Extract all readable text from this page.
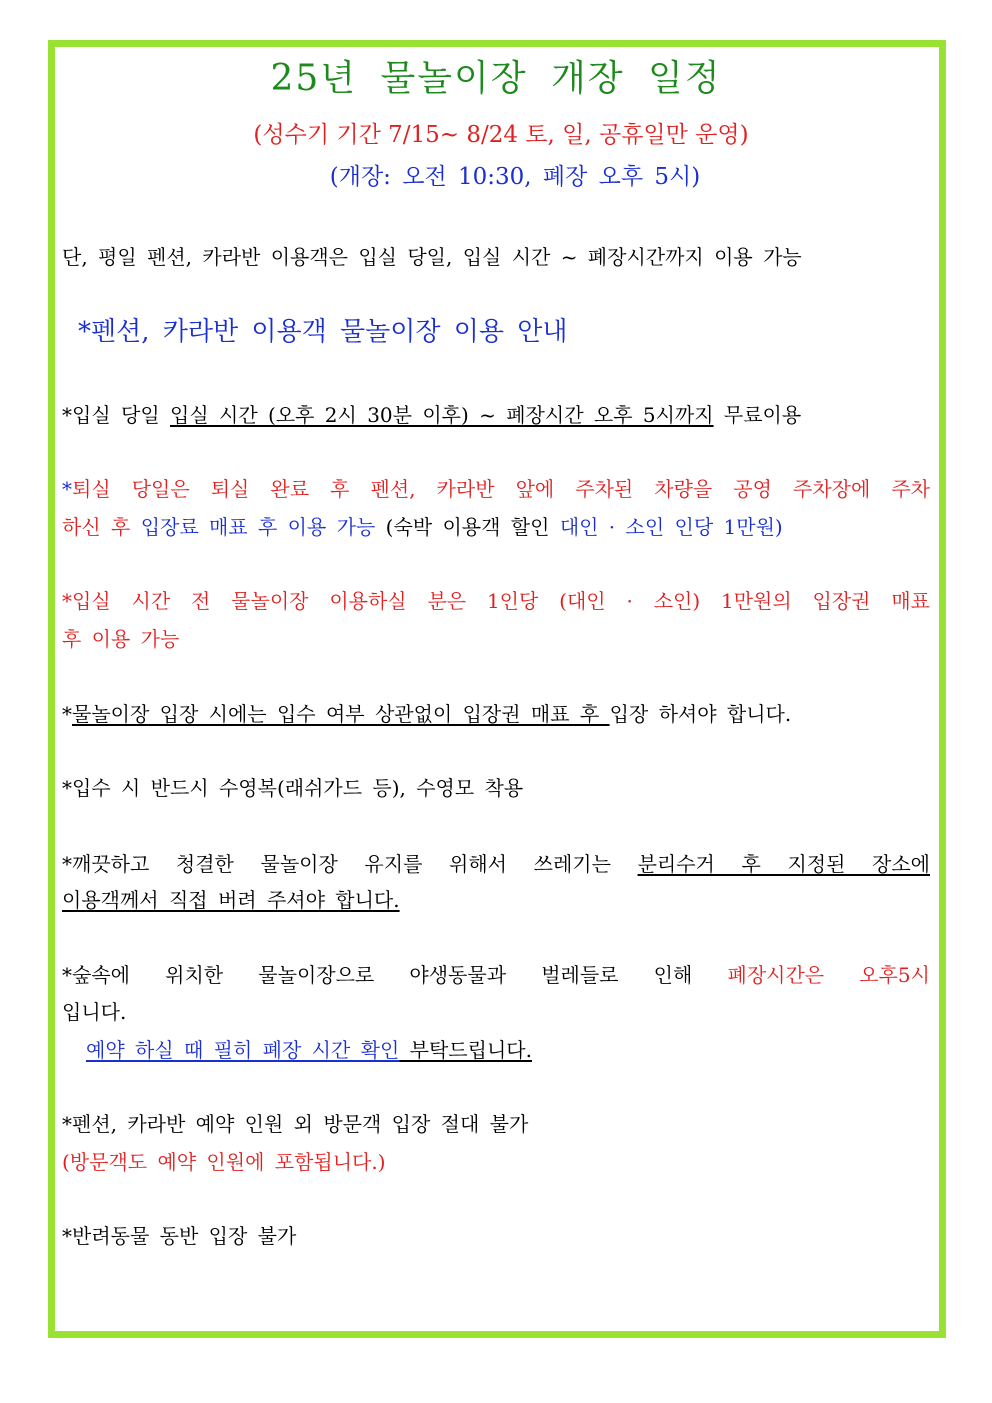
25년 물놀이장 개장 일정
(성수기 기간 7/15~ 8/24 토, 일, 공휴일만 운영)
(개장: 오전 10:30, 폐장 오후 5시)
단, 평일 펜션, 카라반 이용객은 입실 당일, 입실 시간 ~ 폐장시간까지 이용 가능
*펜션, 카라반 이용객 물놀이장 이용 안내
*입실 당일 입실 시간 (오후 2시 30분 이후) ~ 폐장시간 오후 5시까지 무료이용
*퇴실 당일은 퇴실 완료 후 펜션, 카라반 앞에 주차된 차량을 공영 주차장에 주차
하신 후 입장료 매표 후 이용 가능 (숙박 이용객 할인 대인 · 소인 인당 1만원)
*입실 시간 전 물놀이장 이용하실 분은 1인당 (대인 · 소인) 1만원의 입장권 매표
후 이용 가능
*물놀이장 입장 시에는 입수 여부 상관없이 입장권 매표 후 입장 하셔야 합니다.
*입수 시 반드시 수영복(래쉬가드 등), 수영모 착용
*깨끗하고 청결한 물놀이장 유지를 위해서 쓰레기는 분리수거 후 지정된 장소에
이용객께서 직접 버려 주셔야 합니다.
*숲속에 위치한 물놀이장으로 야생동물과 벌레들로 인해 폐장시간은 오후5시
입니다.
예약 하실 때 필히 폐장 시간 확인 부탁드립니다.
*펜션, 카라반 예약 인원 외 방문객 입장 절대 불가
(방문객도 예약 인원에 포함됩니다.)
*반려동물 동반 입장 불가
